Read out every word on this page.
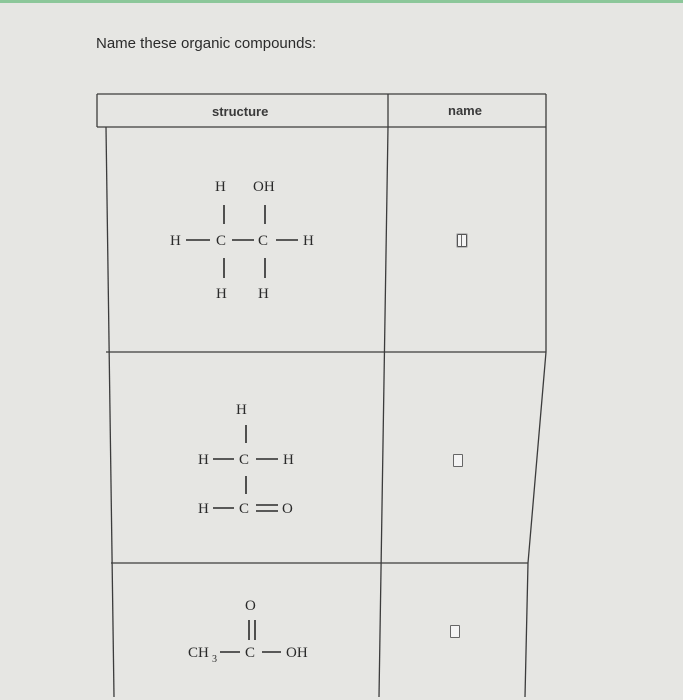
Name these organic compounds:
structure	name
H OH
H C C H
H H
H
H C H
H C O
O
CH 3 C OH
